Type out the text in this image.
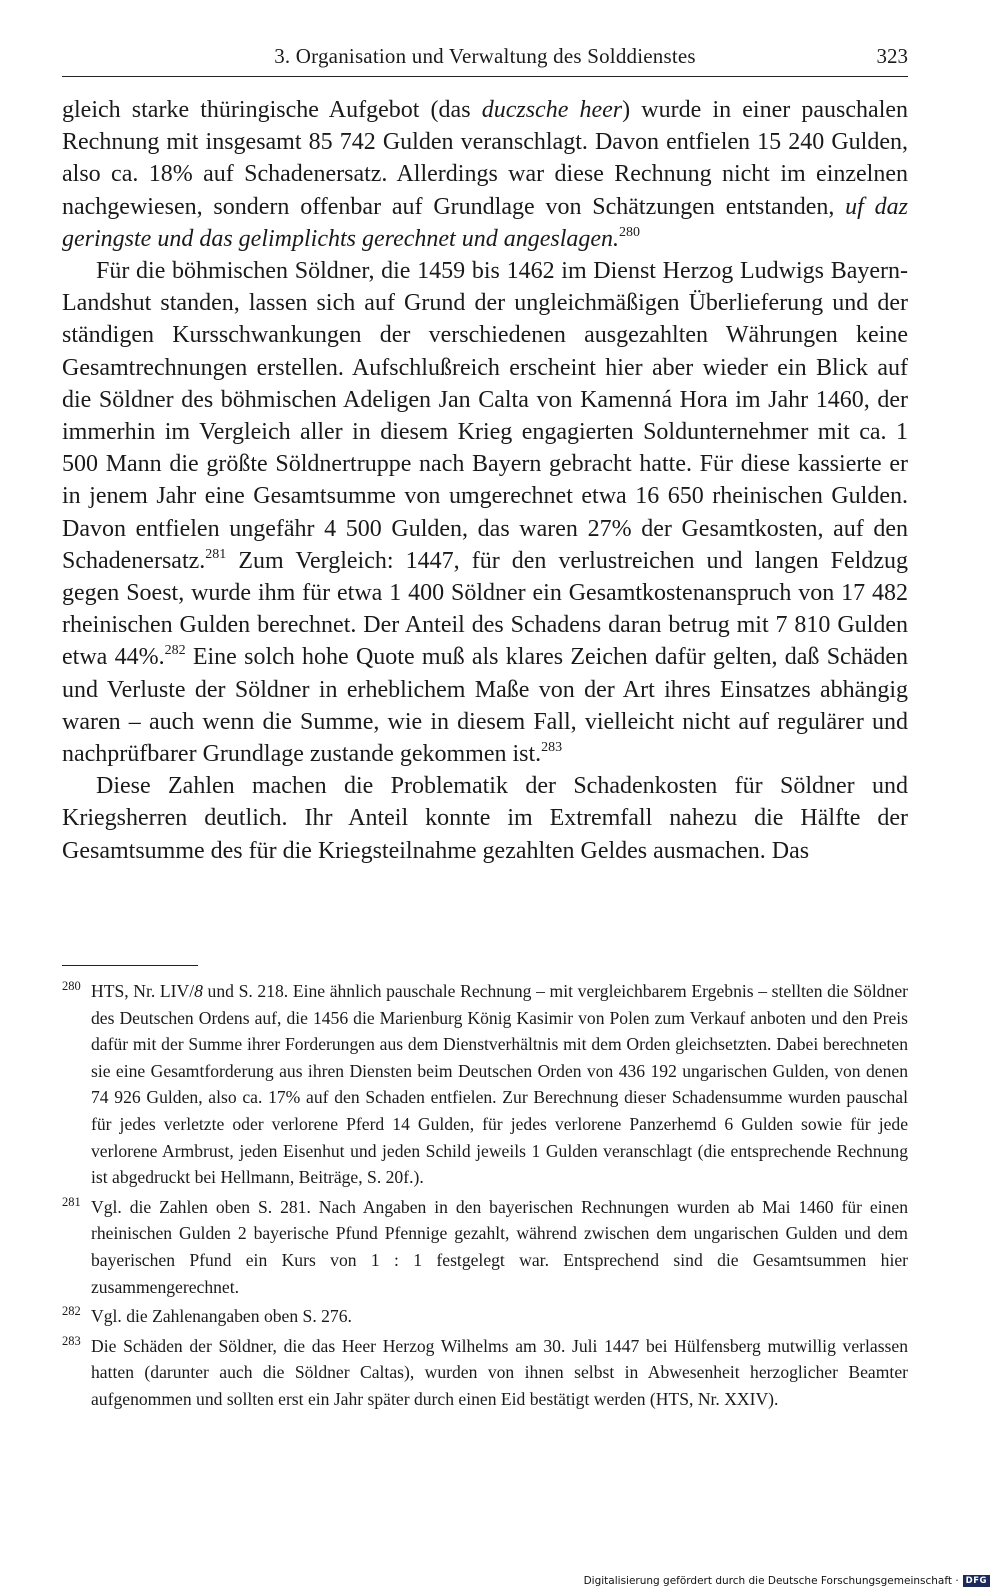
3. Organisation und Verwaltung des Solddienstes	323

gleich starke thüringische Aufgebot (das duczsche heer) wurde in einer pauschalen Rechnung mit insgesamt 85 742 Gulden veranschlagt. Davon entfielen 15 240 Gulden, also ca. 18% auf Schadenersatz. Allerdings war diese Rechnung nicht im einzelnen nachgewiesen, sondern offenbar auf Grundlage von Schätzungen entstanden, uf daz geringste und das gelimplichts gerechnet und angeslagen.$^{280}$

Für die böhmischen Söldner, die 1459 bis 1462 im Dienst Herzog Ludwigs Bayern-Landshut standen, lassen sich auf Grund der ungleichmäßigen Überlieferung und der ständigen Kursschwankungen der verschiedenen ausgezahlten Währungen keine Gesamtrechnungen erstellen. Aufschlußreich erscheint hier aber wieder ein Blick auf die Söldner des böhmischen Adeligen Jan Calta von Kamenná Hora im Jahr 1460, der immerhin im Vergleich aller in diesem Krieg engagierten Soldunternehmer mit ca. 1 500 Mann die größte Söldnertruppe nach Bayern gebracht hatte. Für diese kassierte er in jenem Jahr eine Gesamtsumme von umgerechnet etwa 16 650 rheinischen Gulden. Davon entfielen ungefähr 4 500 Gulden, das waren 27% der Gesamtkosten, auf den Schadenersatz.$^{281}$ Zum Vergleich: 1447, für den verlustreichen und langen Feldzug gegen Soest, wurde ihm für etwa 1 400 Söldner ein Gesamtkostenanspruch von 17 482 rheinischen Gulden berechnet. Der Anteil des Schadens daran betrug mit 7 810 Gulden etwa 44%.$^{282}$ Eine solch hohe Quote muß als klares Zeichen dafür gelten, daß Schäden und Verluste der Söldner in erheblichem Maße von der Art ihres Einsatzes abhängig waren – auch wenn die Summe, wie in diesem Fall, vielleicht nicht auf regulärer und nachprüfbarer Grundlage zustande gekommen ist.$^{283}$

Diese Zahlen machen die Problematik der Schadenkosten für Söldner und Kriegsherren deutlich. Ihr Anteil konnte im Extremfall nahezu die Hälfte der Gesamtsumme des für die Kriegsteilnahme gezahlten Geldes ausmachen. Das

280 HTS, Nr. LIV/8 und S. 218. Eine ähnlich pauschale Rechnung – mit vergleichbarem Ergebnis – stellten die Söldner des Deutschen Ordens auf, die 1456 die Marienburg König Kasimir von Polen zum Verkauf anboten und den Preis dafür mit der Summe ihrer Forderungen aus dem Dienstverhältnis mit dem Orden gleichsetzten. Dabei berechneten sie eine Gesamtforderung aus ihren Diensten beim Deutschen Orden von 436 192 ungarischen Gulden, von denen 74 926 Gulden, also ca. 17% auf den Schaden entfielen. Zur Berechnung dieser Schadensumme wurden pauschal für jedes verletzte oder verlorene Pferd 14 Gulden, für jedes verlorene Panzerhemd 6 Gulden sowie für jede verlorene Armbrust, jeden Eisenhut und jeden Schild jeweils 1 Gulden veranschlagt (die entsprechende Rechnung ist abgedruckt bei Hellmann, Beiträge, S. 20f.).

281 Vgl. die Zahlen oben S. 281. Nach Angaben in den bayerischen Rechnungen wurden ab Mai 1460 für einen rheinischen Gulden 2 bayerische Pfund Pfennige gezahlt, während zwischen dem ungarischen Gulden und dem bayerischen Pfund ein Kurs von 1 : 1 festgelegt war. Entsprechend sind die Gesamtsummen hier zusammengerechnet.

282 Vgl. die Zahlenangaben oben S. 276.

283 Die Schäden der Söldner, die das Heer Herzog Wilhelms am 30. Juli 1447 bei Hülfensberg mutwillig verlassen hatten (darunter auch die Söldner Caltas), wurden von ihnen selbst in Abwesenheit herzoglicher Beamter aufgenommen und sollten erst ein Jahr später durch einen Eid bestätigt werden (HTS, Nr. XXIV).

Digitalisierung gefördert durch die Deutsche Forschungsgemeinschaft · DFG
